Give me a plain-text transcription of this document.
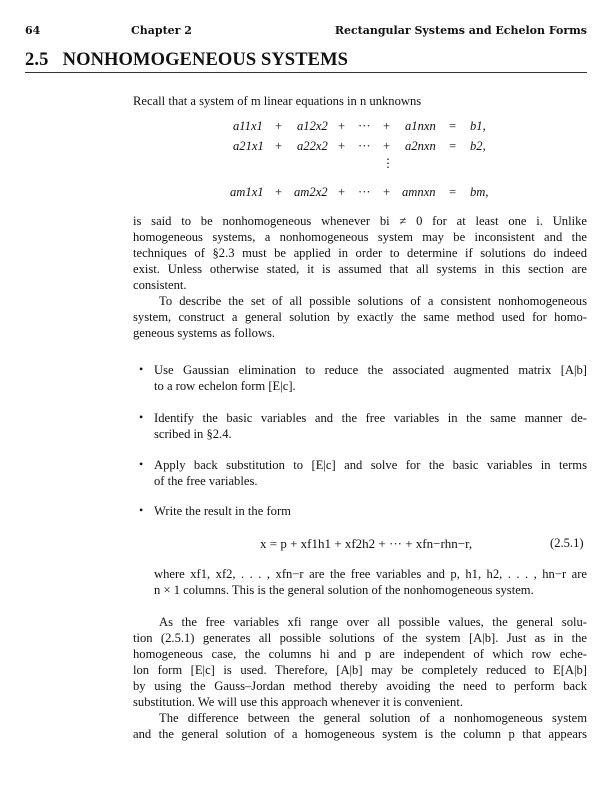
64	Chapter 2	Rectangular Systems and Echelon Forms
2.5 NONHOMOGENEOUS SYSTEMS
Recall that a system of m linear equations in n unknowns
a11x1 + a12x2 + ··· + a1nxn = b1,
a21x1 + a22x2 + ··· + a2nxn = b2,
⋮
am1x1 + am2x2 + ··· + amnxn = bm,
is said to be nonhomogeneous whenever bi ≠ 0 for at least one i. Unlike
homogeneous systems, a nonhomogeneous system may be inconsistent and the
techniques of §2.3 must be applied in order to determine if solutions do indeed
exist. Unless otherwise stated, it is assumed that all systems in this section are
consistent.
To describe the set of all possible solutions of a consistent nonhomogeneous
system, construct a general solution by exactly the same method used for homo-
geneous systems as follows.
• Use Gaussian elimination to reduce the associated augmented matrix [A|b]
to a row echelon form [E|c].
• Identify the basic variables and the free variables in the same manner de-
scribed in §2.4.
• Apply back substitution to [E|c] and solve for the basic variables in terms
of the free variables.
• Write the result in the form
x = p + xf1h1 + xf2h2 + ··· + xfn−rhn−r,	(2.5.1)
where xf1, xf2, . . . , xfn−r are the free variables and p, h1, h2, . . . , hn−r are
n × 1 columns. This is the general solution of the nonhomogeneous system.
As the free variables xfi range over all possible values, the general solu-
tion (2.5.1) generates all possible solutions of the system [A|b]. Just as in the
homogeneous case, the columns hi and p are independent of which row eche-
lon form [E|c] is used. Therefore, [A|b] may be completely reduced to E[A|b]
by using the Gauss–Jordan method thereby avoiding the need to perform back
substitution. We will use this approach whenever it is convenient.
The difference between the general solution of a nonhomogeneous system
and the general solution of a homogeneous system is the column p that appears
